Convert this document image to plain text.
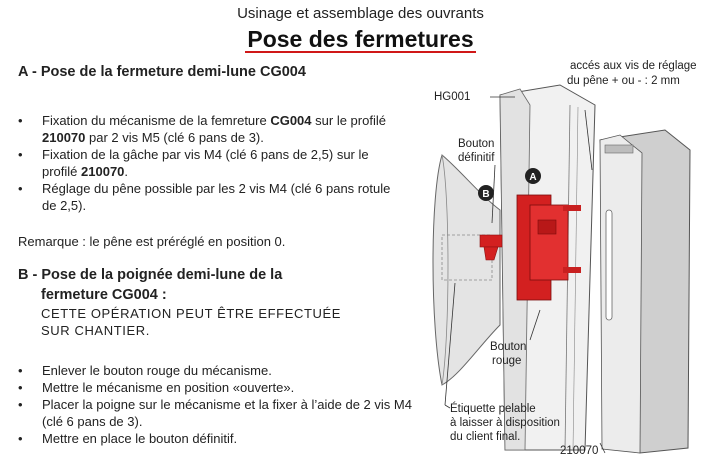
Usinage et assemblage des ouvrants
Pose des fermetures
A - Pose de la fermeture demi-lune CG004
• Fixation du mécanisme de la femreture CG004 sur le profilé 210070 par 2 vis M5 (clé 6 pans de 3).
• Fixation de la gâche par vis M4 (clé 6 pans de 2,5) sur le profilé 210070.
• Réglage du pêne possible par les 2 vis M4 (clé 6 pans rotule de 2,5).
Remarque : le pêne est préréglé en position 0.
B - Pose de la poignée demi-lune de la
fermeture CG004 :
CETTE OPÉRATION PEUT ÊTRE EFFECTUÉE
SUR CHANTIER.
• Enlever le bouton rouge du mécanisme.
• Mettre le mécanisme en position «ouverte».
• Placer la poigne sur le mécanisme et la fixer à l’aide de 2 vis M4 (clé 6 pans de 3).
• Mettre en place le bouton définitif.
A
B
HG001
accés aux vis de réglage
du pêne + ou - : 2 mm
Bouton
définitif
Bouton
rouge
Étiquette pelable
à laisser à disposition
du client final.
210070
